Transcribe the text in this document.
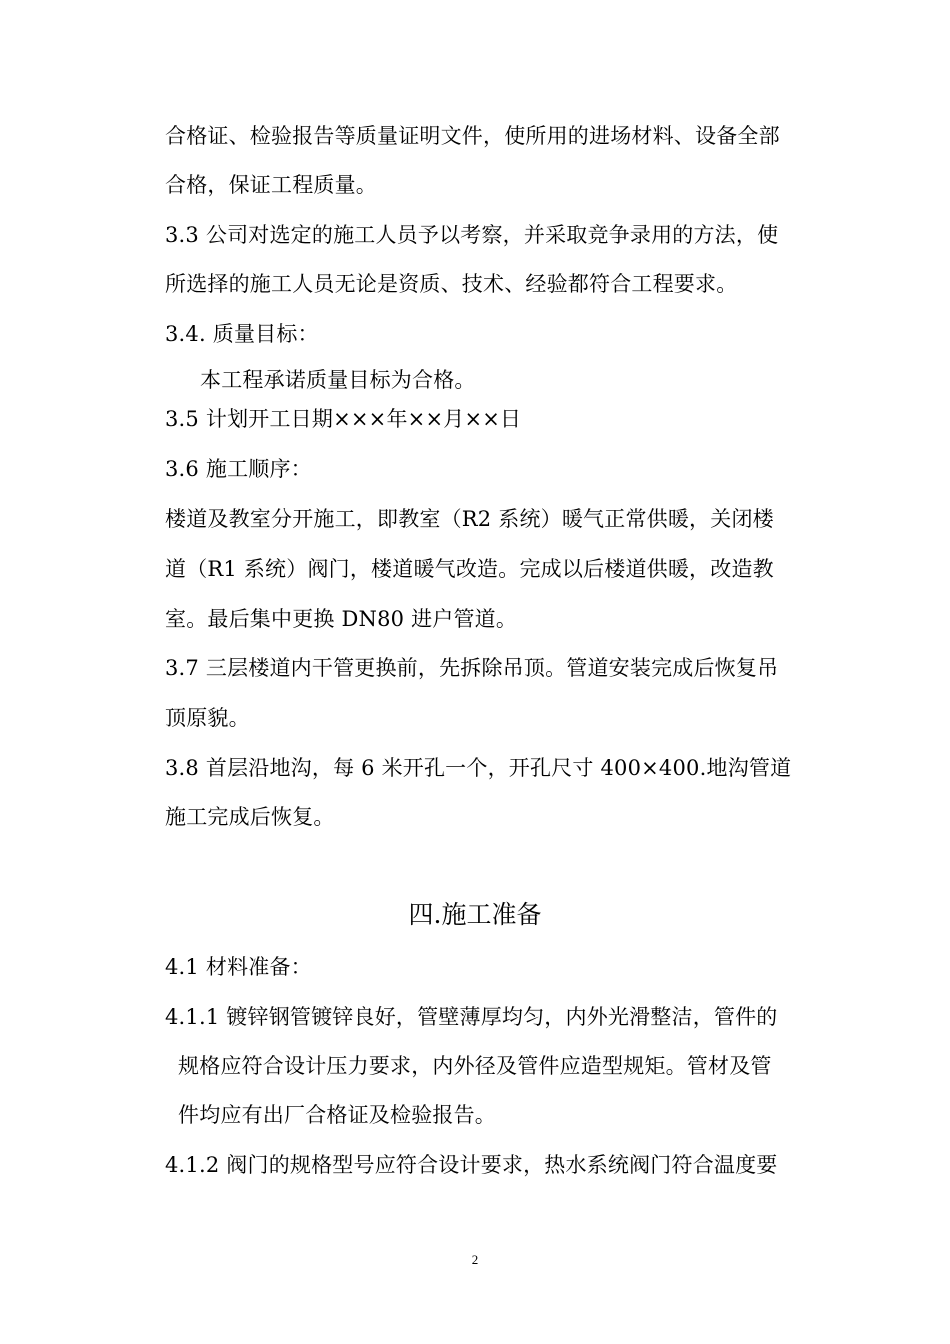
合格证、检验报告等质量证明文件，使所用的进场材料、设备全部
合格，保证工程质量。
3.3 公司对选定的施工人员予以考察，并采取竞争录用的方法，使
所选择的施工人员无论是资质、技术、经验都符合工程要求。
3.4. 质量目标：
本工程承诺质量目标为合格。
3.5 计划开工日期×××年××月××日
3.6 施工顺序：
楼道及教室分开施工，即教室（R2 系统）暖气正常供暖，关闭楼
道（R1 系统）阀门，楼道暖气改造。完成以后楼道供暖，改造教
室。最后集中更换 DN80 进户管道。
3.7 三层楼道内干管更换前，先拆除吊顶。管道安装完成后恢复吊
顶原貌。
3.8 首层沿地沟，每 6 米开孔一个，开孔尺寸 400×400.地沟管道
施工完成后恢复。
四.施工准备
4.1 材料准备：
4.1.1 镀锌钢管镀锌良好，管壁薄厚均匀，内外光滑整洁，管件的
规格应符合设计压力要求，内外径及管件应造型规矩。管材及管
件均应有出厂合格证及检验报告。
4.1.2 阀门的规格型号应符合设计要求，热水系统阀门符合温度要
2
